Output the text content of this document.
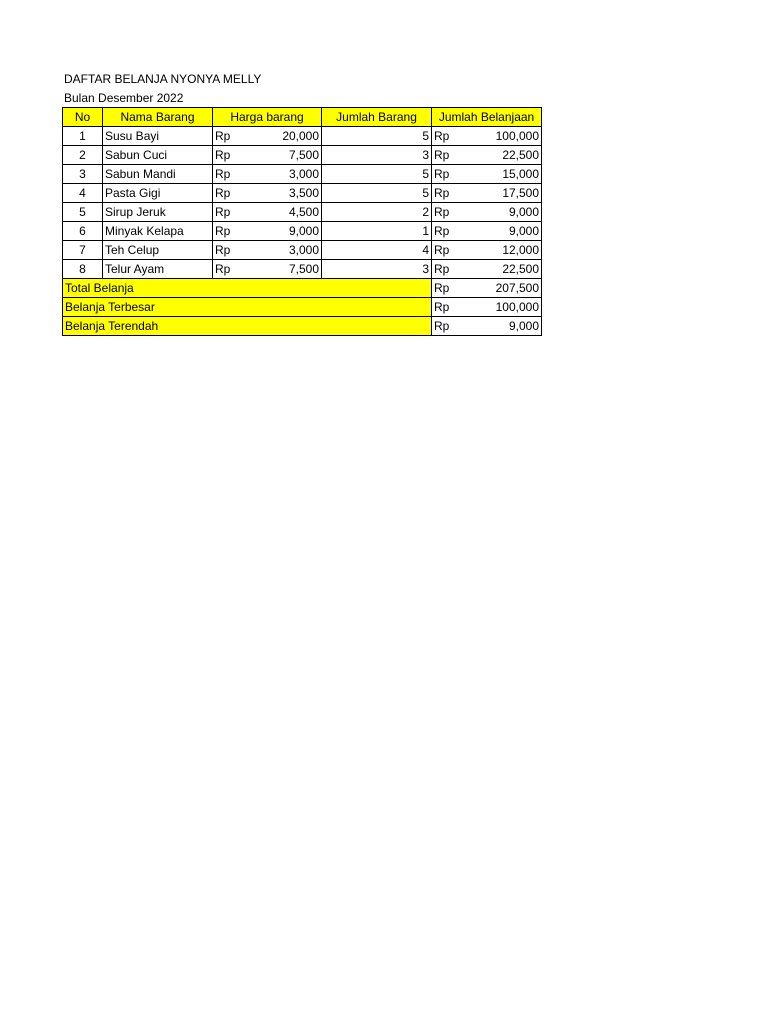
DAFTAR BELANJA NYONYA MELLY
Bulan Desember 2022
No	Nama Barang	Harga barang		Jumlah Barang	Jumlah Belanjaan	
1	Susu Bayi	Rp	20,000	5	Rp	100,000
2	Sabun Cuci	Rp	7,500	3	Rp	22,500
3	Sabun Mandi	Rp	3,000	5	Rp	15,000
4	Pasta Gigi	Rp	3,500	5	Rp	17,500
5	Sirup Jeruk	Rp	4,500	2	Rp	9,000
6	Minyak Kelapa	Rp	9,000	1	Rp	9,000
7	Teh Celup	Rp	3,000	4	Rp	12,000
8	Telur Ayam	Rp	7,500	3	Rp	22,500
Total Belanja					Rp	207,500
Belanja Terbesar					Rp	100,000
Belanja Terendah					Rp	9,000
